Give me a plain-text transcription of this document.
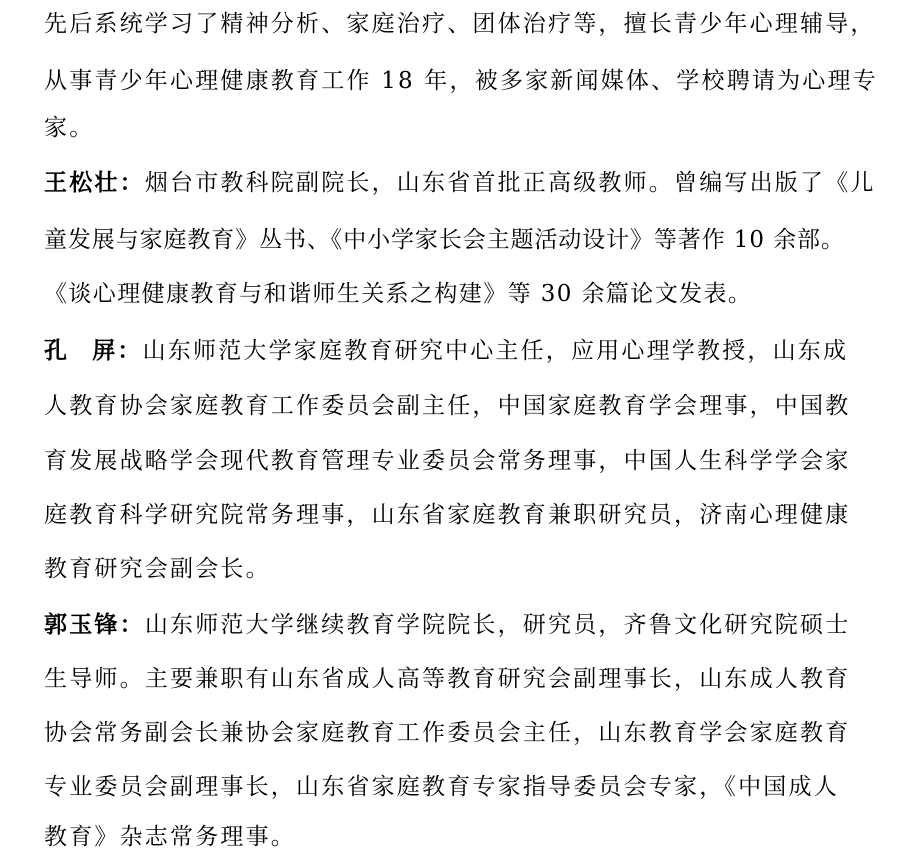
先后系统学习了精神分析、家庭治疗、团体治疗等，擅长青少年心理辅导，
从事青少年心理健康教育工作 18 年，被多家新闻媒体、学校聘请为心理专
家。
王松壮：烟台市教科院副院长，山东省首批正高级教师。曾编写出版了《儿
童发展与家庭教育》丛书、《中小学家长会主题活动设计》等著作 10 余部。
《谈心理健康教育与和谐师生关系之构建》等 30 余篇论文发表。
孔 屏：山东师范大学家庭教育研究中心主任，应用心理学教授，山东成
人教育协会家庭教育工作委员会副主任，中国家庭教育学会理事，中国教
育发展战略学会现代教育管理专业委员会常务理事，中国人生科学学会家
庭教育科学研究院常务理事，山东省家庭教育兼职研究员，济南心理健康
教育研究会副会长。
郭玉锋：山东师范大学继续教育学院院长，研究员，齐鲁文化研究院硕士
生导师。主要兼职有山东省成人高等教育研究会副理事长，山东成人教育
协会常务副会长兼协会家庭教育工作委员会主任，山东教育学会家庭教育
专业委员会副理事长，山东省家庭教育专家指导委员会专家，《中国成人
教育》杂志常务理事。
